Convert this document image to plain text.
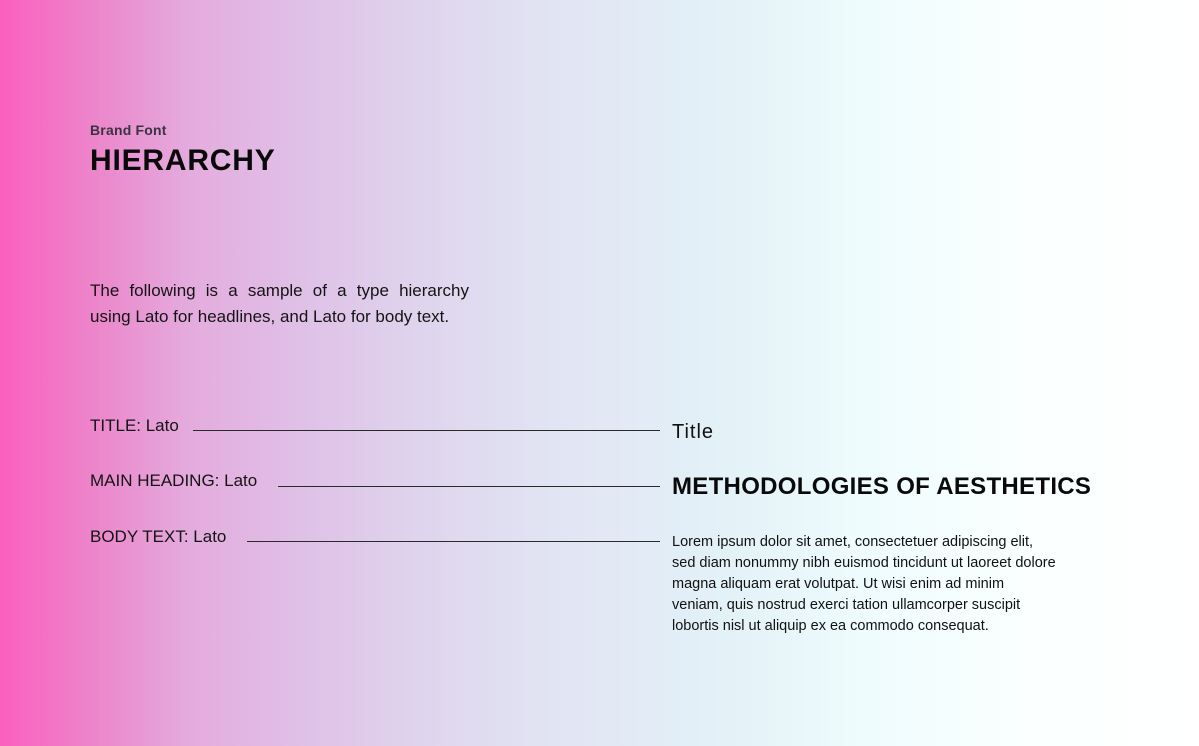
Brand Font
HIERARCHY
The following is a sample of a type hierarchy using Lato for headlines, and Lato for body text.
TITLE: Lato
MAIN HEADING: Lato
BODY TEXT: Lato
Title
METHODOLOGIES OF AESTHETICS
Lorem ipsum dolor sit amet, consectetuer adipiscing elit, sed diam nonummy nibh euismod tincidunt ut laoreet dolore magna aliquam erat volutpat. Ut wisi enim ad minim veniam, quis nostrud exerci tation ullamcorper suscipit lobortis nisl ut aliquip ex ea commodo consequat.
